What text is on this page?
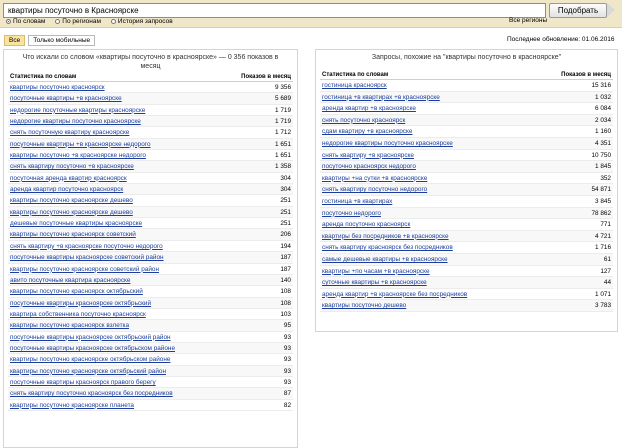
квартиры посуточно в Красноярске
Подобрать
По словам	По регионам	История запросов	Все регионы
Все	Только мобильные	Последнее обновление: 01.06.2016
Что искали со словом «квартиры посуточно в красноярске» — 0 356 показов в месяц
Статистика по словам	Показов в месяц
квартиры посуточно красноярск	9 356
посуточные квартиры +в красноярске	5 689
недорогие посуточные квартиры красноярске	1 719
недорогие квартиры посуточно красноярске	1 719
снять посуточную квартиру красноярске	1 712
посуточные квартиры +в красноярске недорого	1 651
квартиры посуточно +в красноярске недорого	1 651
снять квартиру посуточно +в красноярске	1 358
посуточная аренда квартир красноярск	304
аренда квартир посуточно красноярск	304
квартиры посуточно красноярске дешево	251
квартиры посуточно красноярске дешево	251
дешевые посуточные квартиры красноярске	251
квартиры посуточно красноярск советский	206
снять квартиру +в красноярске посуточно недорого	194
посуточные квартиры красноярске советский район	187
квартиры посуточно красноярске советский район	187
авито посуточные квартира красноярске	140
квартиры посуточно красноярск октябрьский	108
посуточные квартиры красноярске октябрьский	108
квартира собственника посуточно красноярск	103
квартиры посуточно красноярск взлетка	95
посуточные квартиры красноярске октябрьский район	93
посуточные квартиры красноярске октябрьском районе	93
квартиры посуточно красноярске октябрьском районе	93
квартиры посуточно красноярске октябрьский район	93
посуточные квартиры красноярск правого берегу	93
снять квартиру посуточно красноярск без посредников	87
квартиры посуточно красноярске планета	82
Запросы, похожие на "квартиры посуточно в красноярске"
Статистика по словам	Показов в месяц
гостиница красноярск	15 316
гостиница +в квартирах +в красноярске	1 032
аренда квартир +в красноярске	6 084
снять посуточно красноярск	2 034
сдам квартиру +в красноярске	1 160
недорогие квартиры посуточно красноярске	4 351
снять квартиру +в красноярске	10 750
посуточно красноярск недорого	1 845
квартиры +на сутки +в красноярске	352
снять квартиру посуточно недорого	54 871
гостиница +в квартирах	3 845
посуточно недорого	78 862
аренда посуточно красноярск	771
квартиры без посредников +в красноярске	4 721
снять квартиру красноярск без посредников	1 716
самые дешевые квартиры +в красноярске	61
квартиры +по часам +в красноярске	127
суточные квартиры +в красноярске	44
аренда квартир +в красноярске без посредников	1 071
квартиры посуточно дешево	3 783
